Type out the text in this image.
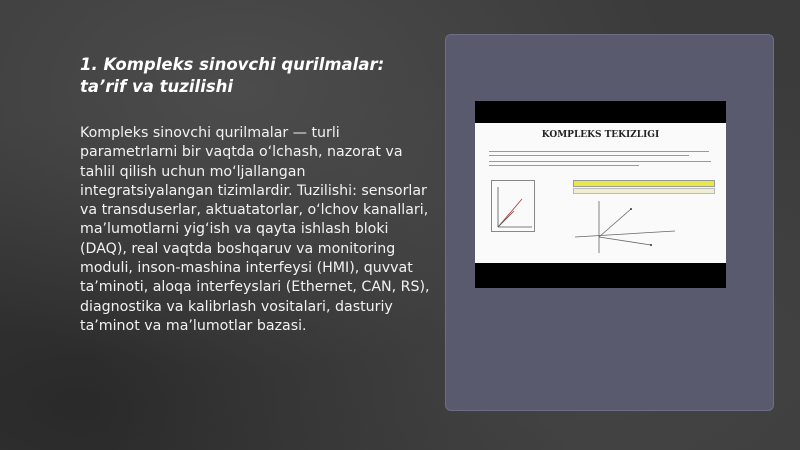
1. Kompleks sinovchi qurilmalar: ta’rif va tuzilishi

Kompleks sinovchi qurilmalar — turli parametrlarni bir vaqtda o‘lchash, nazorat va tahlil qilish uchun mo‘ljallangan integratsiyalangan tizimlardir. Tuzilishi: sensorlar va transduserlar, aktuatatorlar, o‘lchov kanallari, ma’lumotlarni yig‘ish va qayta ishlash bloki (DAQ), real vaqtda boshqaruv va monitoring moduli, inson-mashina interfeysi (HMI), quvvat ta’minoti, aloqa interfeyslari (Ethernet, CAN, RS), diagnostika va kalibrlash vositalari, dasturiy ta’minot va ma’lumotlar bazasi.

KOMPLEKS TEKIZLIGI
